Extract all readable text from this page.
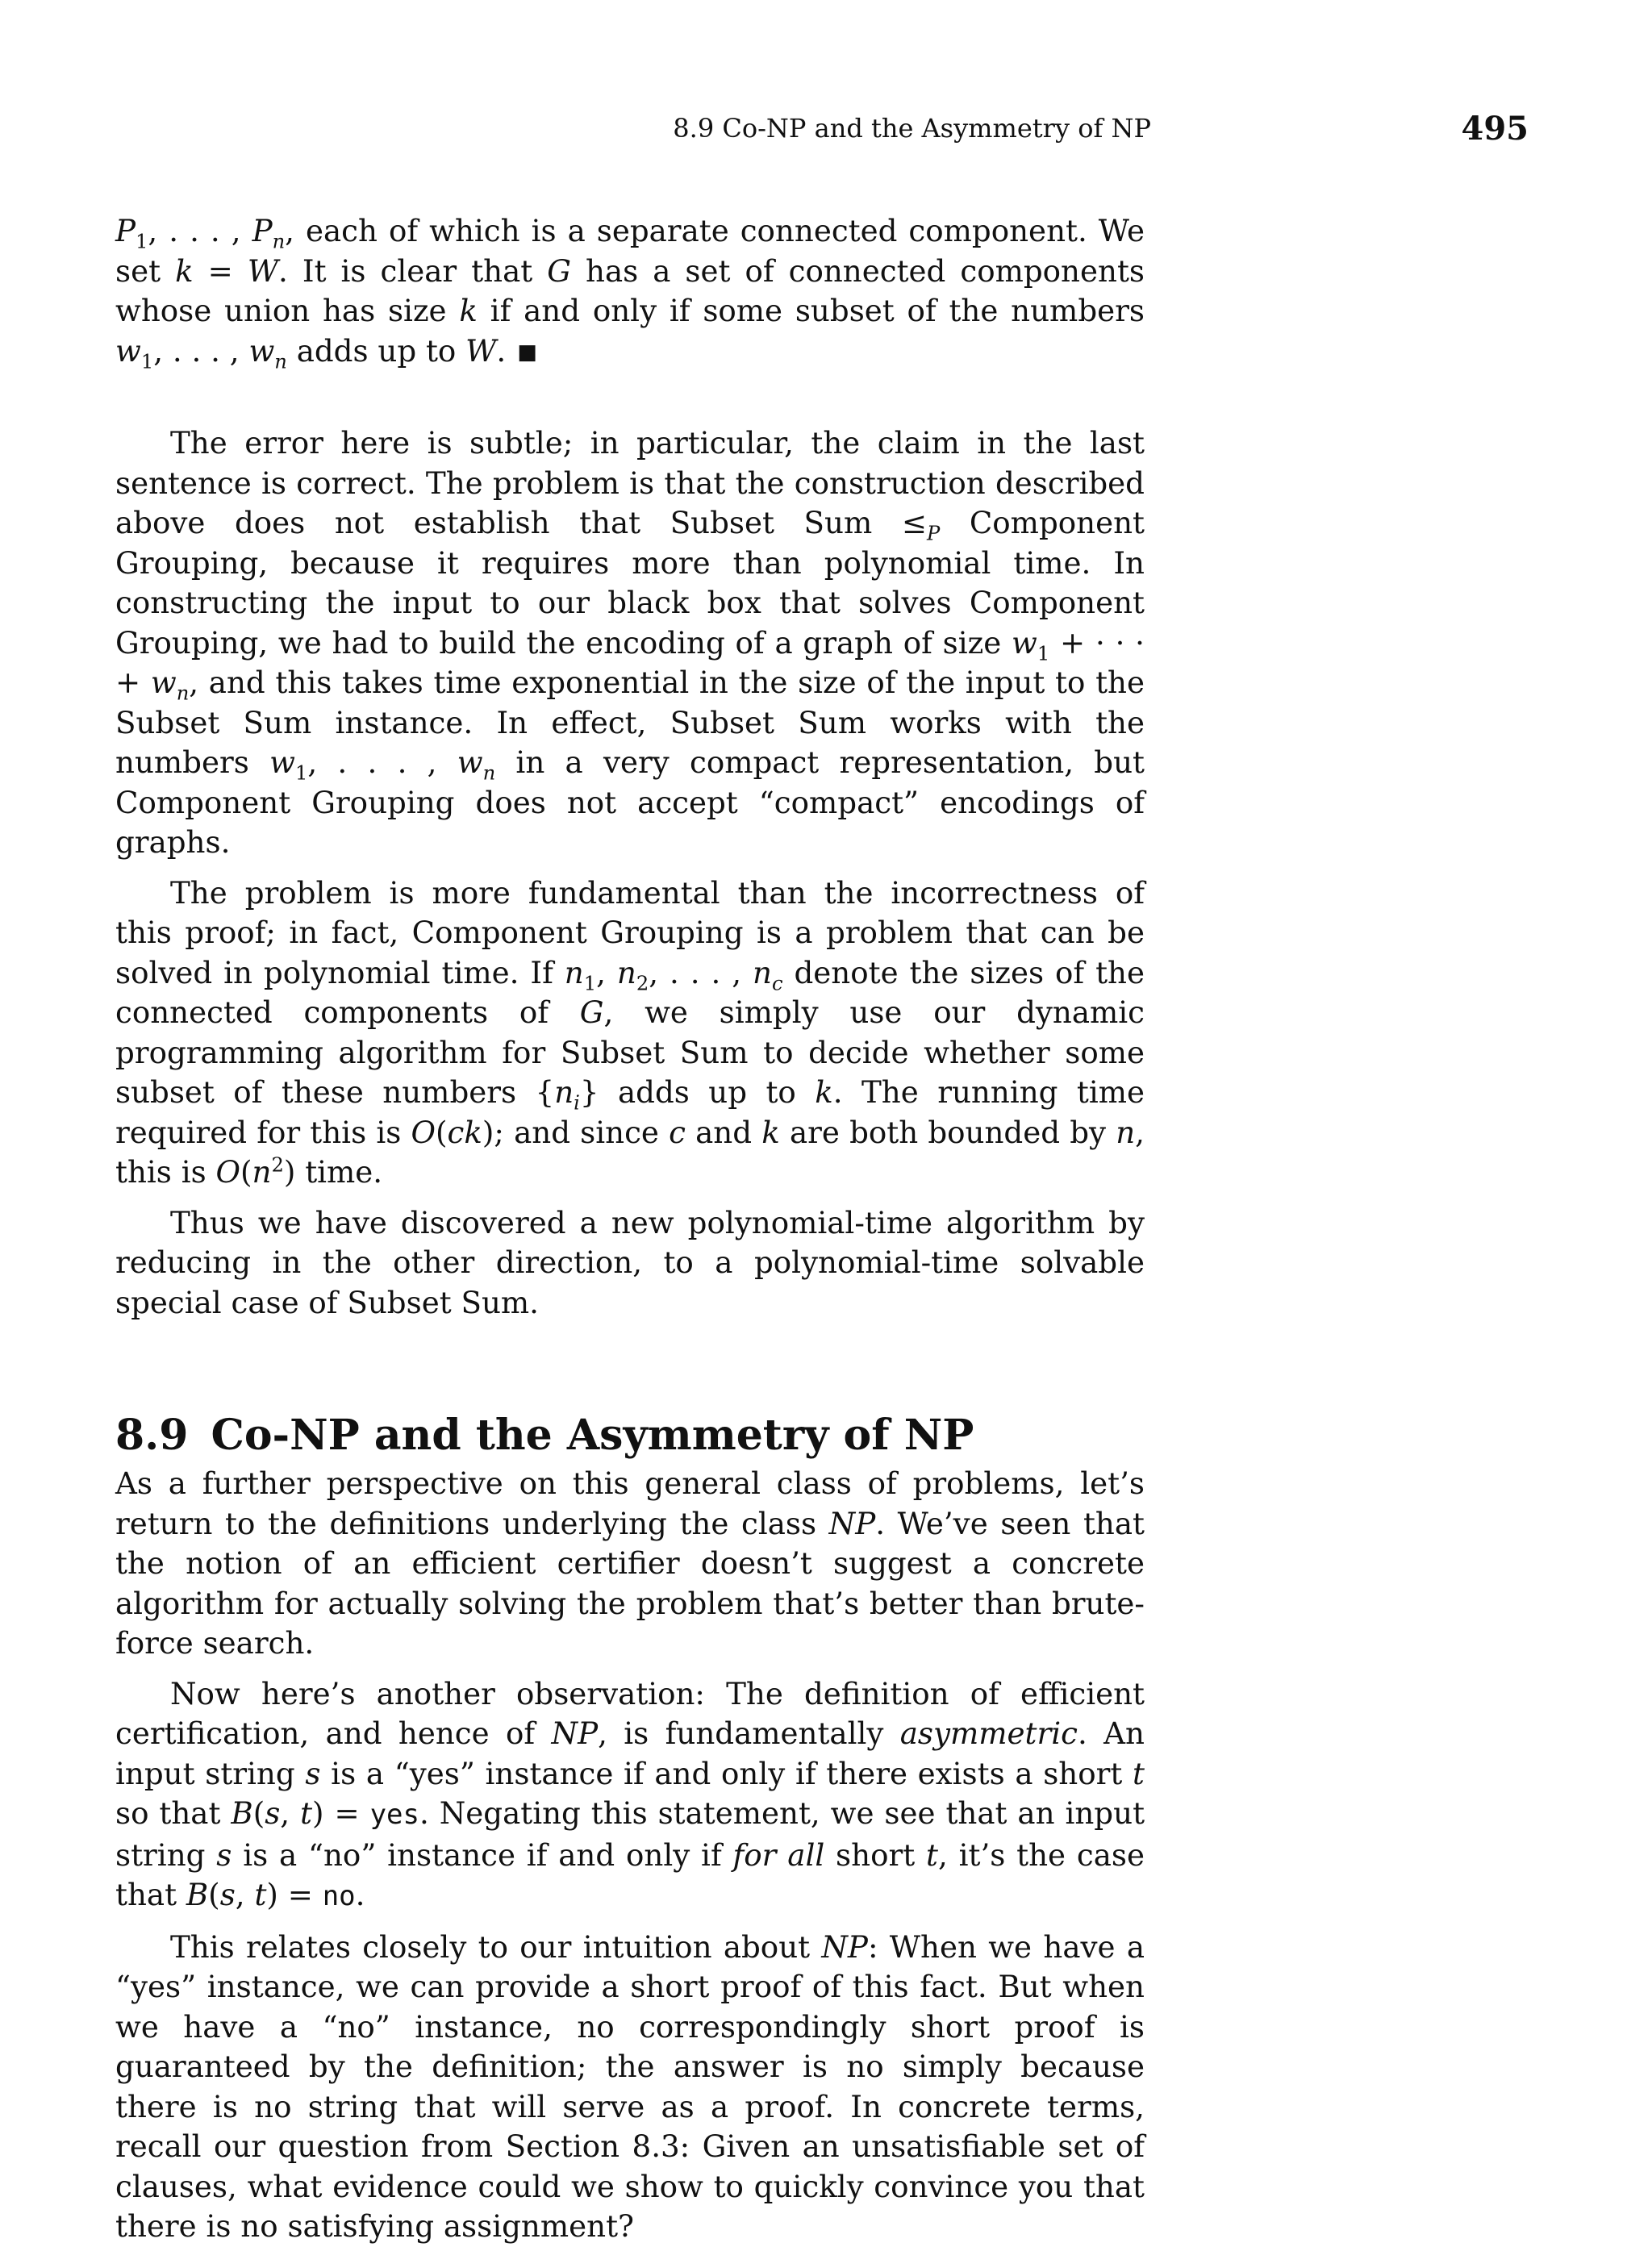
8.9 Co-NP and the Asymmetry of NP	495

$P_1$, . . . , $P_n$, each of which is a separate connected component. We set k = W. It is clear that G has a set of connected components whose union has size k if and only if some subset of the numbers $w_1$, . . . , $w_n$ adds up to W. ■

The error here is subtle; in particular, the claim in the last sentence is correct. The problem is that the construction described above does not establish that Subset Sum $\le_P$ Component Grouping, because it requires more than polynomial time. In constructing the input to our black box that solves Component Grouping, we had to build the encoding of a graph of size $w_1$ + · · · + $w_n$, and this takes time exponential in the size of the input to the Subset Sum instance. In effect, Subset Sum works with the numbers $w_1$, . . . , $w_n$ in a very compact representation, but Component Grouping does not accept “compact” encodings of graphs.

The problem is more fundamental than the incorrectness of this proof; in fact, Component Grouping is a problem that can be solved in polynomial time. If $n_1$, $n_2$, . . . , $n_c$ denote the sizes of the connected components of G, we simply use our dynamic programming algorithm for Subset Sum to decide whether some subset of these numbers $\{n_i\}$ adds up to k. The running time required for this is O(ck); and since c and k are both bounded by n, this is $O(n^2)$ time.

Thus we have discovered a new polynomial-time algorithm by reducing in the other direction, to a polynomial-time solvable special case of Subset Sum.

8.9 Co-NP and the Asymmetry of NP

As a further perspective on this general class of problems, let’s return to the definitions underlying the class NP. We’ve seen that the notion of an efficient certifier doesn’t suggest a concrete algorithm for actually solving the problem that’s better than brute-force search.

Now here’s another observation: The definition of efficient certification, and hence of NP, is fundamentally asymmetric. An input string s is a “yes” instance if and only if there exists a short t so that B(s, t) = yes. Negating this statement, we see that an input string s is a “no” instance if and only if for all short t, it’s the case that B(s, t) = no.

This relates closely to our intuition about NP: When we have a “yes” instance, we can provide a short proof of this fact. But when we have a “no” instance, no correspondingly short proof is guaranteed by the definition; the answer is no simply because there is no string that will serve as a proof. In concrete terms, recall our question from Section 8.3: Given an unsatisfiable set of clauses, what evidence could we show to quickly convince you that there is no satisfying assignment?
